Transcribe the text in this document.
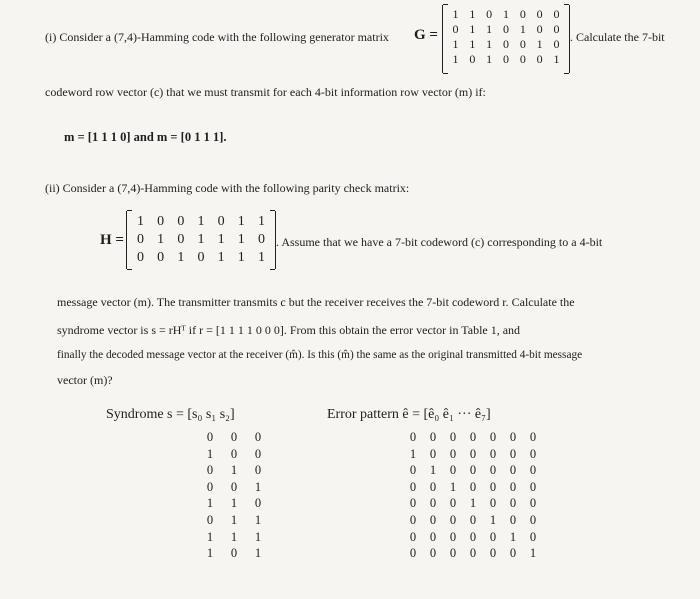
(i) Consider a (7,4)-Hamming code with the following generator matrix G =
1 1 0 1 0 0 0
0 1 1 0 1 0 0
1 1 1 0 0 1 0
1 0 1 0 0 0 1
. Calculate the 7-bit
codeword row vector (c) that we must transmit for each 4-bit information row vector (m) if:
m = [1 1 1 0] and m = [0 1 1 1].
(ii) Consider a (7,4)-Hamming code with the following parity check matrix:
H =
1 0 0 1 0 1 1
0 1 0 1 1 1 0
0 0 1 0 1 1 1
. Assume that we have a 7-bit codeword (c) corresponding to a 4-bit
message vector (m). The transmitter transmits c but the receiver receives the 7-bit codeword r. Calculate the
syndrome vector is s = rHᵀ if r = [1 1 1 1 0 0 0]. From this obtain the error vector in Table 1, and
finally the decoded message vector at the receiver (m̂). Is this (m̂) the same as the original transmitted 4-bit message
vector (m)?
Syndrome s = [s₀ s₁ s₂]	Error pattern ê = [ê₀ ê₁ ··· ê₇]
0 0 0
1 0 0
0 1 0
0 0 1
1 1 0
0 1 1
1 1 1
1 0 1
0 0 0 0 0 0 0
1 0 0 0 0 0 0
0 1 0 0 0 0 0
0 0 1 0 0 0 0
0 0 0 1 0 0 0
0 0 0 0 1 0 0
0 0 0 0 0 1 0
0 0 0 0 0 0 1
